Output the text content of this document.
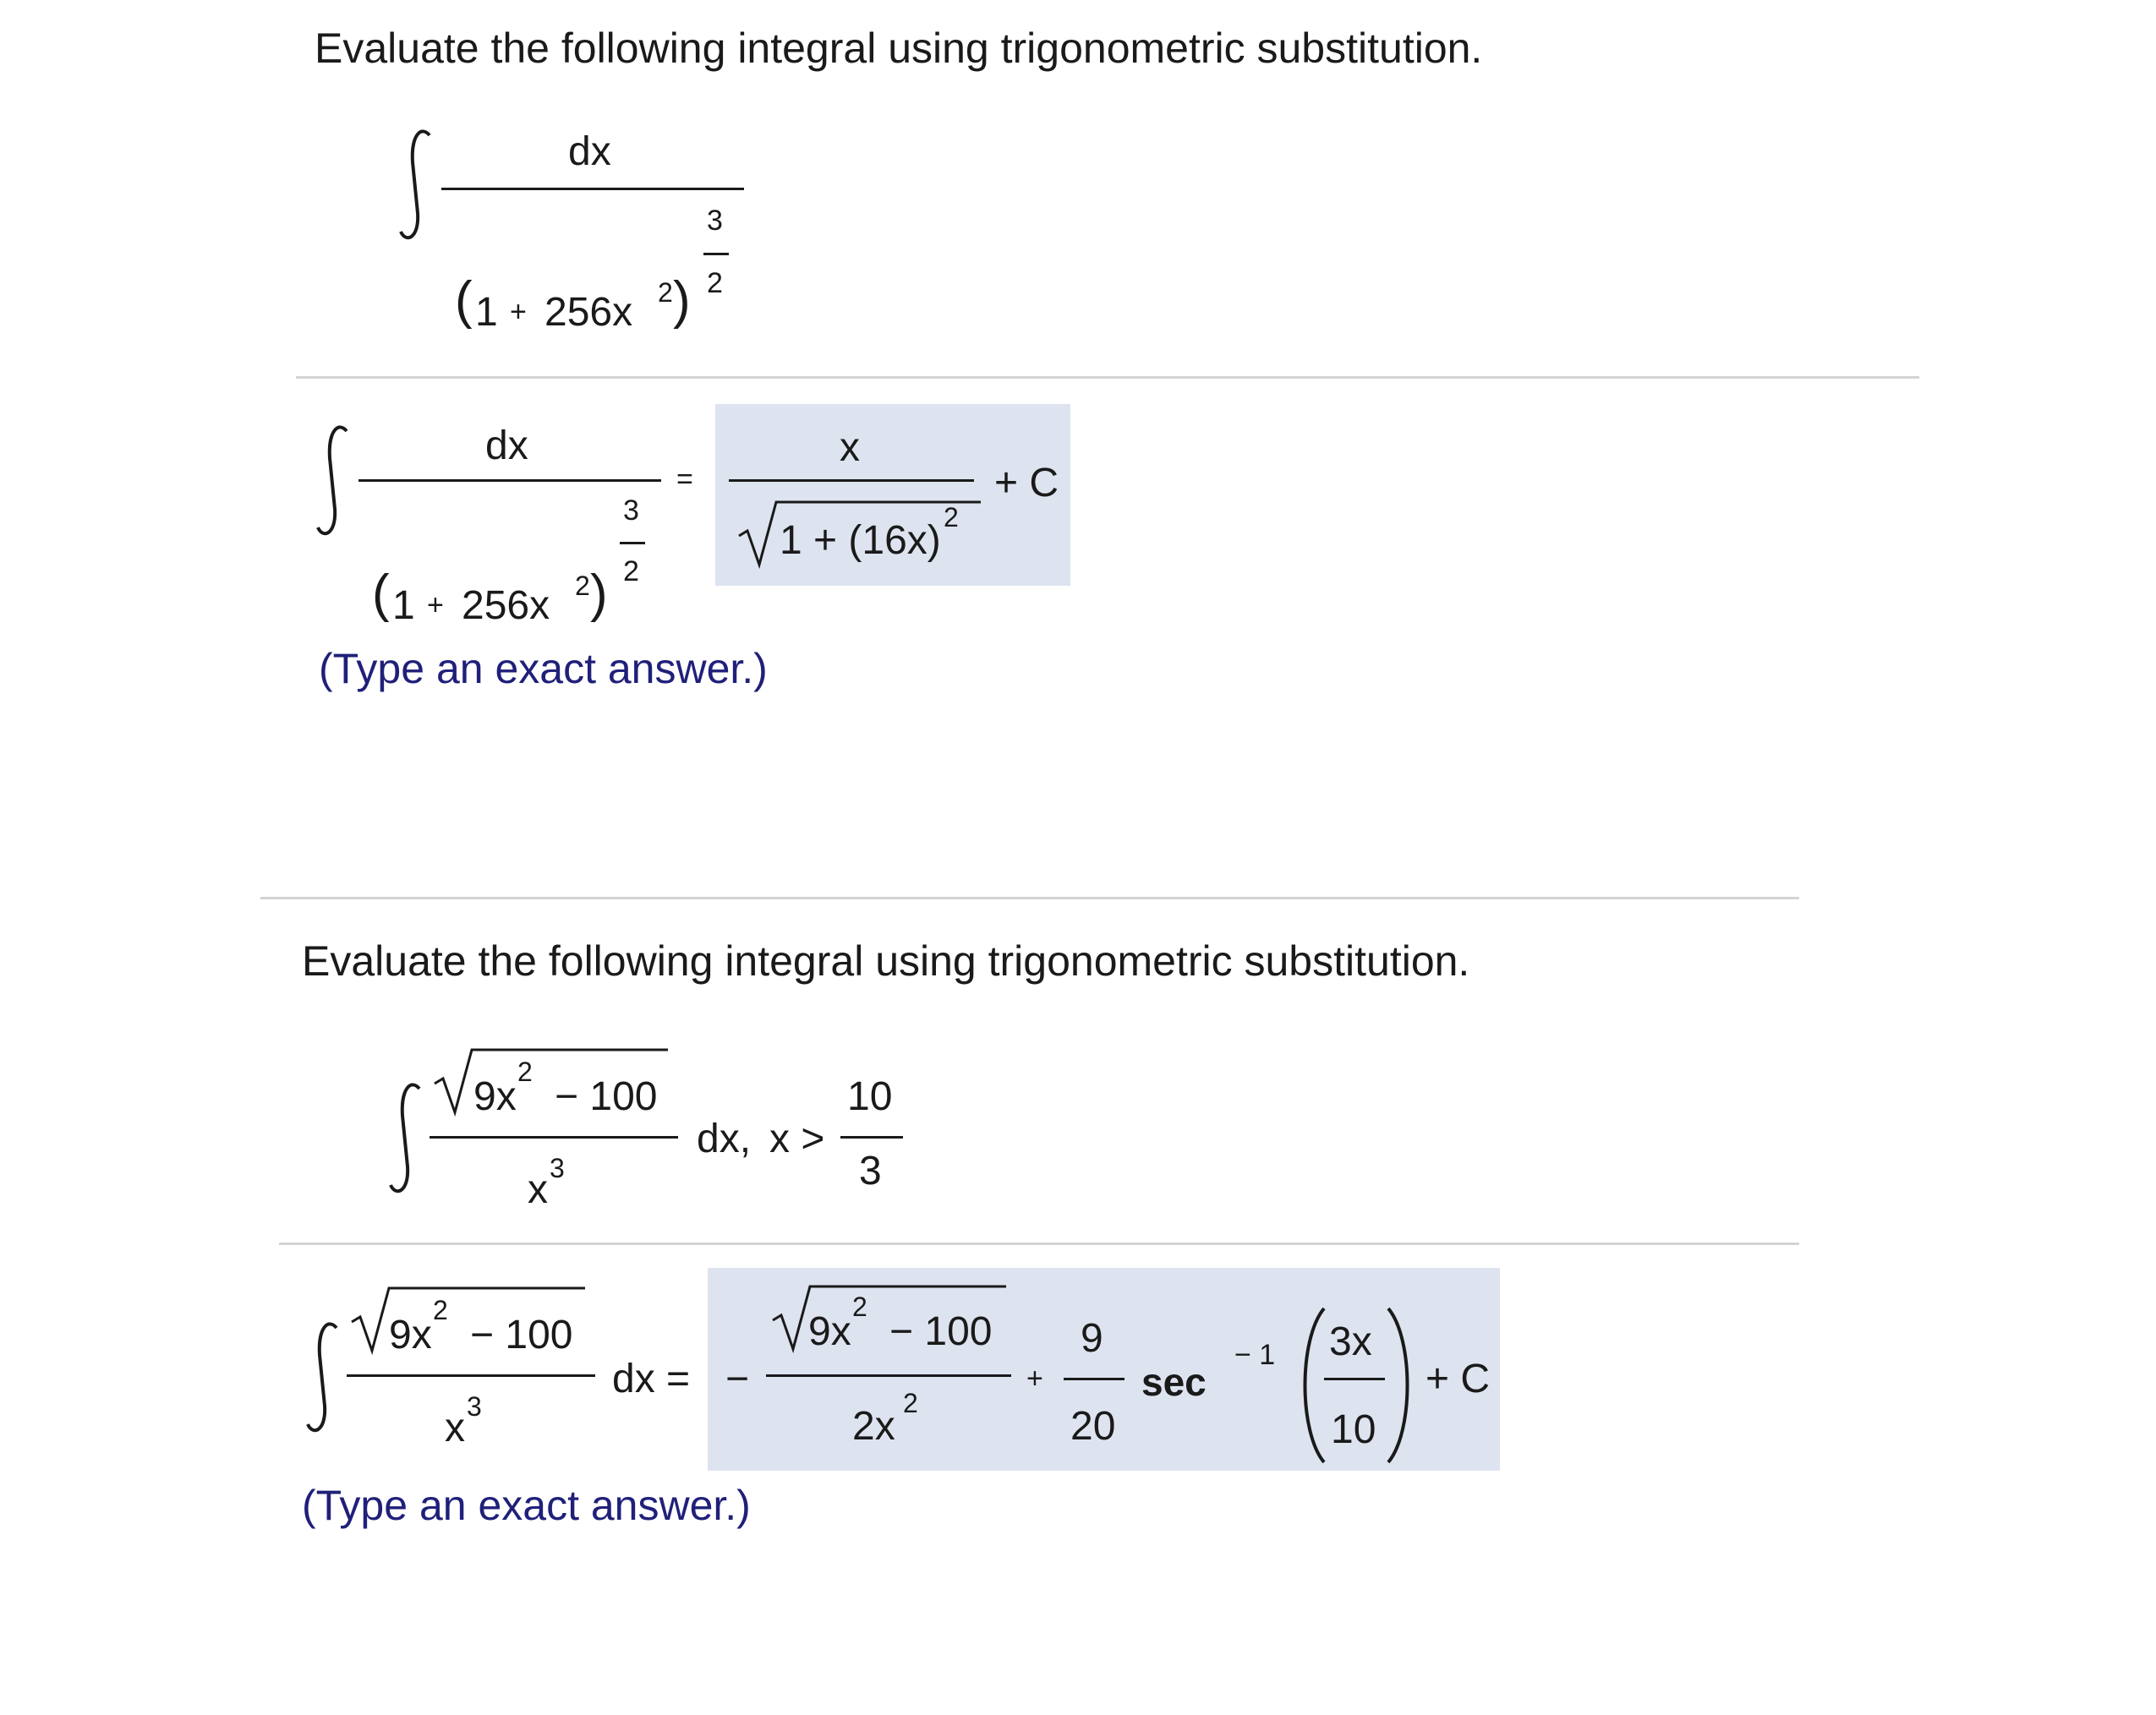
Evaluate the following integral using trigonometric substitution.
dx
( 1 + 256x 2 )
3
2
dx
( 1 + 256x 2 )
3
2
=
x
1 + (16x)
2
+ C
(Type an exact answer.)
Evaluate the following integral using trigonometric substitution.
9x
2
− 100
x 3
dx, x >
10
3
9x
2
− 100
x 3
dx = −
9x
2
− 100
2x
2
+
9
20
sec
− 1 3x
10
+ C
(Type an exact answer.)
